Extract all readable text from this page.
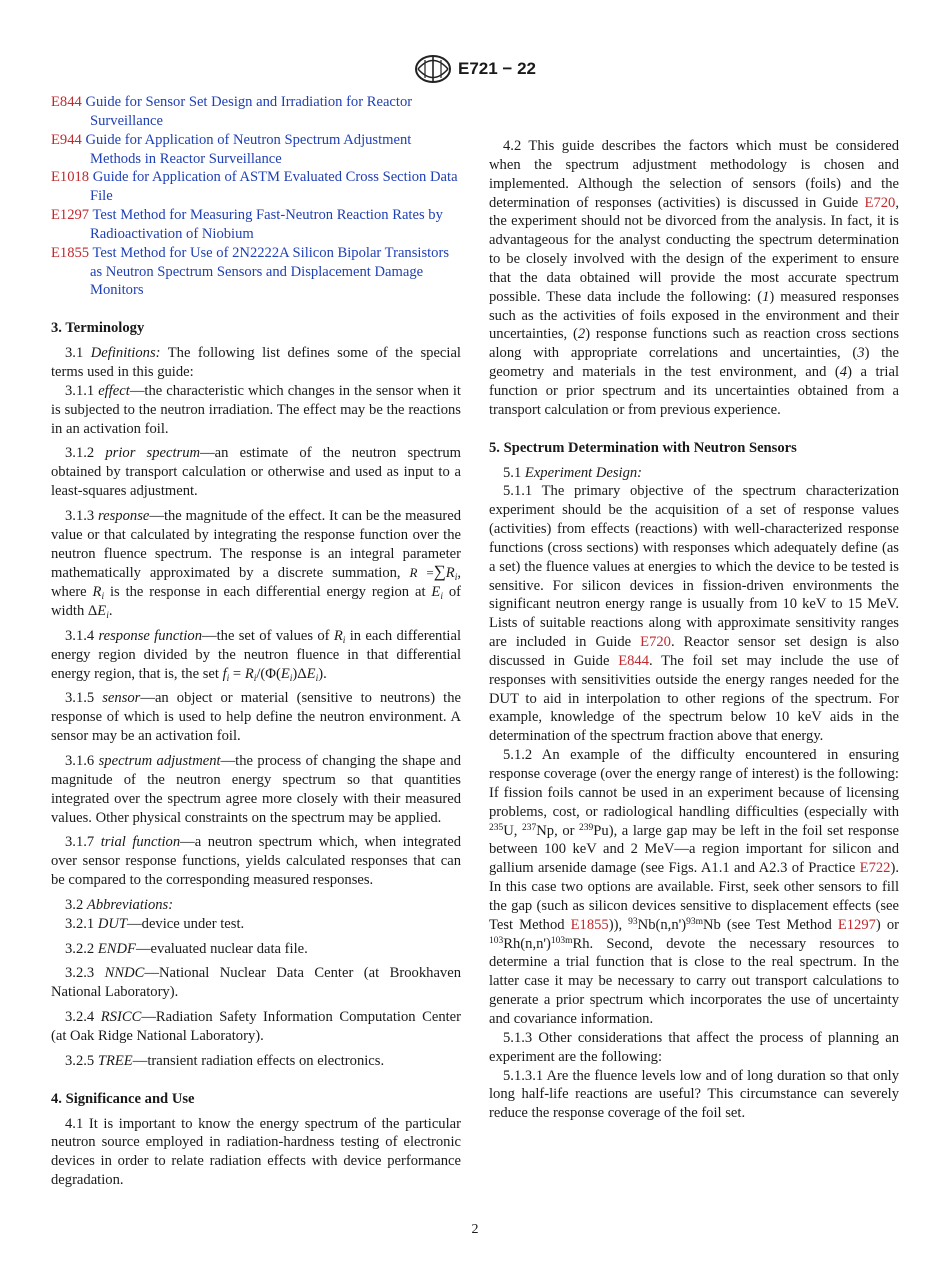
E721 − 22

E844 Guide for Sensor Set Design and Irradiation for Reactor Surveillance

E944 Guide for Application of Neutron Spectrum Adjustment Methods in Reactor Surveillance

E1018 Guide for Application of ASTM Evaluated Cross Section Data File

E1297 Test Method for Measuring Fast-Neutron Reaction Rates by Radioactivation of Niobium

E1855 Test Method for Use of 2N2222A Silicon Bipolar Transistors as Neutron Spectrum Sensors and Displacement Damage Monitors

3. Terminology

3.1 Definitions: The following list defines some of the special terms used in this guide:

3.1.1 effect—the characteristic which changes in the sensor when it is subjected to the neutron irradiation. The effect may be the reactions in an activation foil.

3.1.2 prior spectrum—an estimate of the neutron spectrum obtained by transport calculation or otherwise and used as input to a least-squares adjustment.

3.1.3 response—the magnitude of the effect. It can be the measured value or that calculated by integrating the response function over the neutron fluence spectrum. The response is an integral parameter mathematically approximated by a discrete summation, $R =\sum R_i$, where $R_i$ is the response in each differential energy region at $E_i$ of width $\Delta E_i$.

3.1.4 response function—the set of values of $R_i$ in each differential energy region divided by the neutron fluence in that differential energy region, that is, the set $f_i = R_i/(\Phi(E_i)\Delta E_i)$.

3.1.5 sensor—an object or material (sensitive to neutrons) the response of which is used to help define the neutron environment. A sensor may be an activation foil.

3.1.6 spectrum adjustment—the process of changing the shape and magnitude of the neutron energy spectrum so that quantities integrated over the spectrum agree more closely with their measured values. Other physical constraints on the spectrum may be applied.

3.1.7 trial function—a neutron spectrum which, when integrated over sensor response functions, yields calculated responses that can be compared to the corresponding measured responses.

3.2 Abbreviations:

3.2.1 DUT—device under test.

3.2.2 ENDF—evaluated nuclear data file.

3.2.3 NNDC—National Nuclear Data Center (at Brookhaven National Laboratory).

3.2.4 RSICC—Radiation Safety Information Computation Center (at Oak Ridge National Laboratory).

3.2.5 TREE—transient radiation effects on electronics.

4. Significance and Use

4.1 It is important to know the energy spectrum of the particular neutron source employed in radiation-hardness testing of electronic devices in order to relate radiation effects with device performance degradation.

4.2 This guide describes the factors which must be considered when the spectrum adjustment methodology is chosen and implemented. Although the selection of sensors (foils) and the determination of responses (activities) is discussed in Guide E720, the experiment should not be divorced from the analysis. In fact, it is advantageous for the analyst conducting the spectrum determination to be closely involved with the design of the experiment to ensure that the data obtained will provide the most accurate spectrum possible. These data include the following: (1) measured responses such as the activities of foils exposed in the environment and their uncertainties, (2) response functions such as reaction cross sections along with appropriate correlations and uncertainties, (3) the geometry and materials in the test environment, and (4) a trial function or prior spectrum and its uncertainties obtained from a transport calculation or from previous experience.

5. Spectrum Determination with Neutron Sensors

5.1 Experiment Design:

5.1.1 The primary objective of the spectrum characterization experiment should be the acquisition of a set of response values (activities) from effects (reactions) with well-characterized response functions (cross sections) with responses which adequately define (as a set) the fluence values at energies to which the device to be tested is sensitive. For silicon devices in fission-driven environments the significant neutron energy range is usually from 10 keV to 15 MeV. Lists of suitable reactions along with approximate sensitivity ranges are included in Guide E720. Reactor sensor set design is also discussed in Guide E844. The foil set may include the use of responses with sensitivities outside the energy ranges needed for the DUT to aid in interpolation to other regions of the spectrum. For example, knowledge of the spectrum below 10 keV aids in the determination of the spectrum fraction above that energy.

5.1.2 An example of the difficulty encountered in ensuring response coverage (over the energy range of interest) is the following: If fission foils cannot be used in an experiment because of licensing problems, cost, or radiological handling difficulties (especially with $^{235}$U, $^{237}$Np, or $^{239}$Pu), a large gap may be left in the foil set response between 100 keV and 2 MeV—a region important for silicon and gallium arsenide damage (see Figs. A1.1 and A2.3 of Practice E722). In this case two options are available. First, seek other sensors to fill the gap (such as silicon devices sensitive to displacement effects (see Test Method E1855)), $^{93}Nb(n,n')^{93m}Nb$ (see Test Method E1297) or $^{103}Rh(n,n')^{103m}Rh$. Second, devote the necessary resources to determine a trial function that is close to the real spectrum. In the latter case it may be necessary to carry out transport calculations to generate a prior spectrum which incorporates the use of uncertainty and covariance information.

5.1.3 Other considerations that affect the process of planning an experiment are the following:

5.1.3.1 Are the fluence levels low and of long duration so that only long half-life reactions are useful? This circumstance can severely reduce the response coverage of the foil set.

2
